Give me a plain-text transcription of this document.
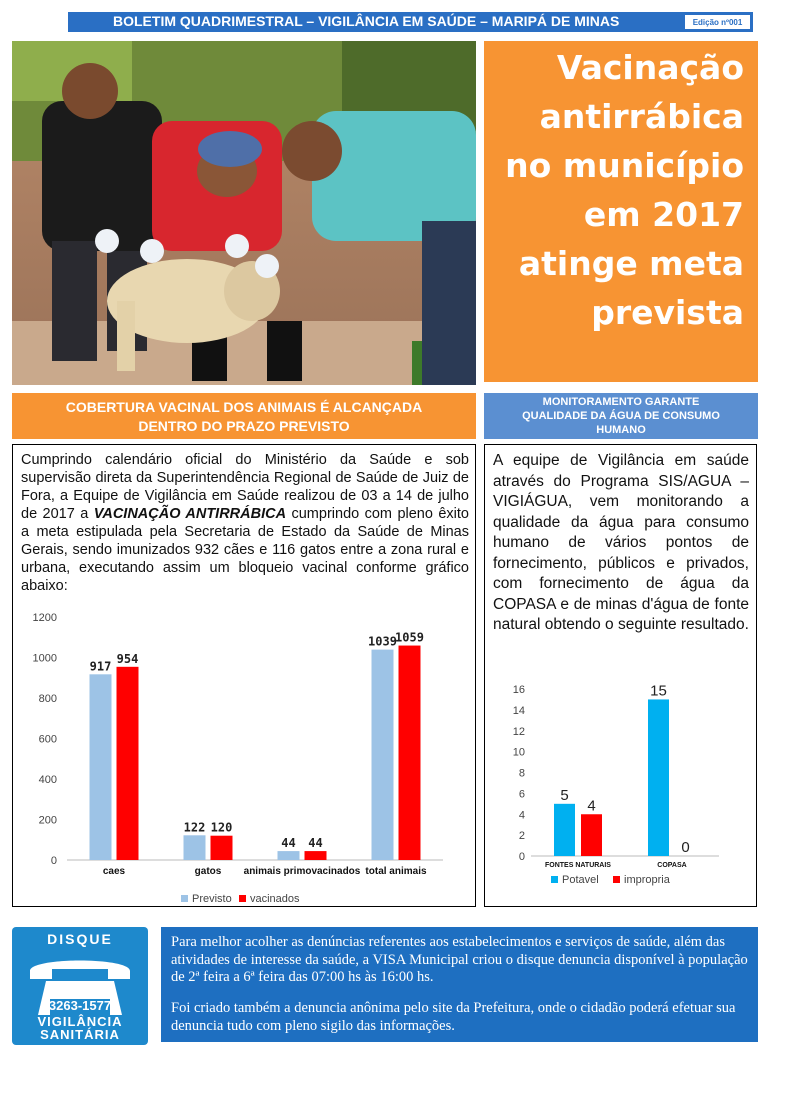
BOLETIM QUADRIMESTRAL – VIGILÂNCIA EM SAÚDE – MARIPÁ DE MINAS	Edição nº001
Vacinação
antirrábica
no município
em 2017
atinge meta
prevista
COBERTURA VACINAL DOS ANIMAIS É ALCANÇADA
DENTRO DO PRAZO PREVISTO
MONITORAMENTO GARANTE
QUALIDADE DA ÁGUA DE CONSUMO
HUMANO
Cumprindo calendário oficial do Ministério da Saúde e sob supervisão direta da Superintendência Regional de Saúde de Juiz de Fora, a Equipe de Vigilância em Saúde realizou de 03 a 14 de julho de 2017 a VACINAÇÃO ANTIRRÁBICA cumprindo com pleno êxito a meta estipulada pela Secretaria de Estado da Saúde de Minas Gerais, sendo imunizados 932 cães e 116 gatos entre a zona rural e urbana, executando assim um bloqueio vacinal conforme gráfico abaixo:
0
200
400
600
800
1000
1200
917
954
caes
122 120
gatos
44 44
animais primovacinados
1039
1059
total animais
Previsto vacinados
A equipe de Vigilância em saúde através do Programa SIS/AGUA – VIGIÁGUA, vem monitorando a qualidade da água para consumo humano de vários pontos de fornecimento, públicos e privados, com fornecimento de água da COPASA e de minas d'água de fonte natural obtendo o seguinte resultado.
0
2
4
6
8
10
12
14
16
5
4
FONTES NATURAIS
15
0
COPASA
Potavel impropria
DISQUE
3263-1577
VIGILÂNCIA
SANITÁRIA
Para melhor acolher as denúncias referentes aos estabelecimentos e serviços de saúde, além das atividades de interesse da saúde, a VISA Municipal criou o disque denuncia disponível à população de 2ª feira a 6ª feira das 07:00 hs às 16:00 hs.
Foi criado também a denuncia anônima pelo site da Prefeitura, onde o cidadão poderá efetuar sua denuncia tudo com pleno sigilo das informações.
